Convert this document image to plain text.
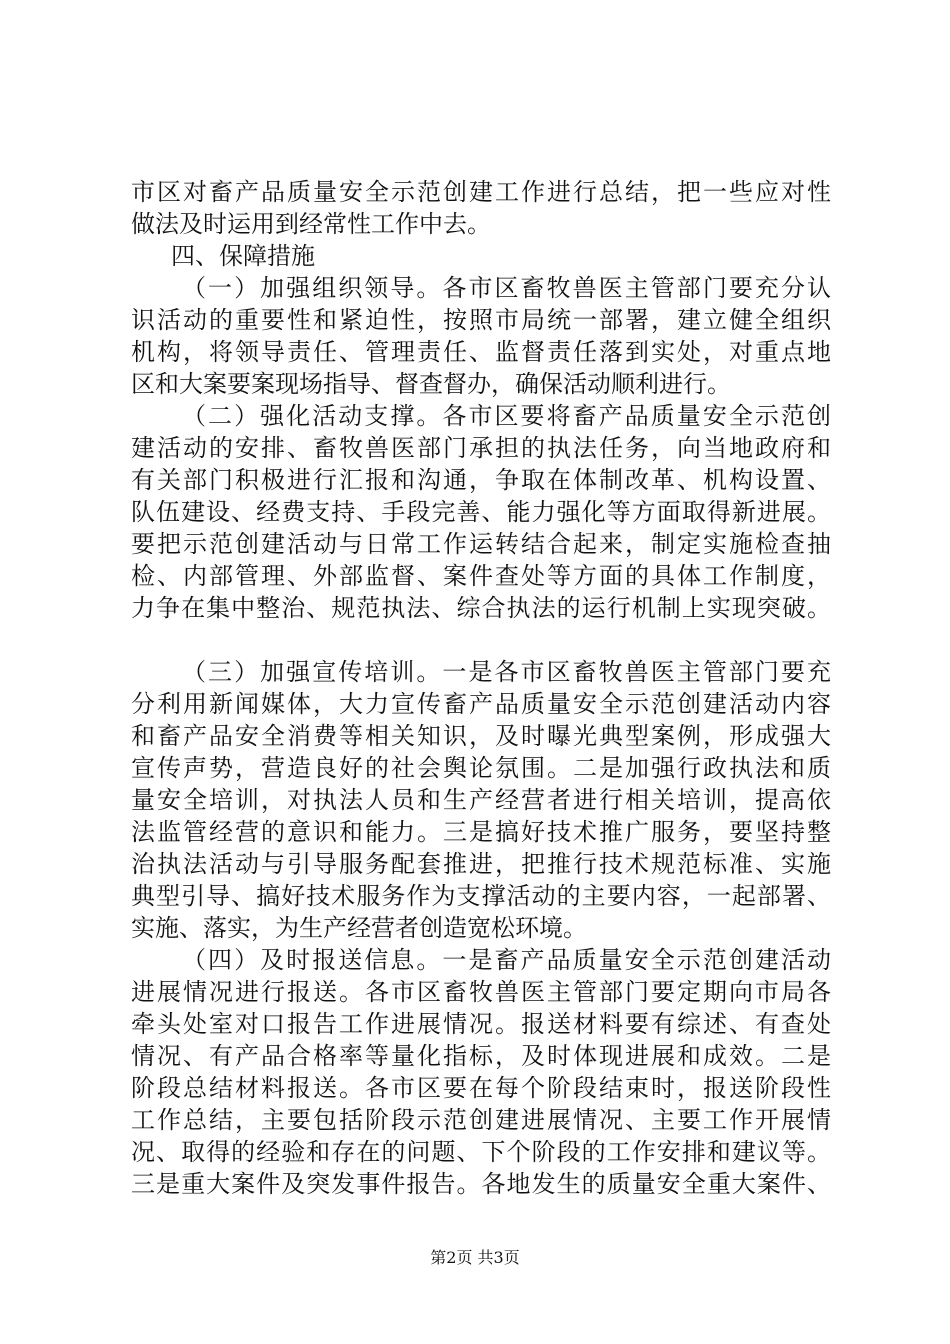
市区对畜产品质量安全示范创建工作进行总结，把一些应对性
做法及时运用到经常性工作中去。
四、保障措施
（一）加强组织领导。各市区畜牧兽医主管部门要充分认
识活动的重要性和紧迫性，按照市局统一部署，建立健全组织
机构，将领导责任、管理责任、监督责任落到实处，对重点地
区和大案要案现场指导、督查督办，确保活动顺利进行。
（二）强化活动支撑。各市区要将畜产品质量安全示范创
建活动的安排、畜牧兽医部门承担的执法任务，向当地政府和
有关部门积极进行汇报和沟通，争取在体制改革、机构设置、
队伍建设、经费支持、手段完善、能力强化等方面取得新进展。
要把示范创建活动与日常工作运转结合起来，制定实施检查抽
检、内部管理、外部监督、案件查处等方面的具体工作制度，
力争在集中整治、规范执法、综合执法的运行机制上实现突破。
（三）加强宣传培训。一是各市区畜牧兽医主管部门要充
分利用新闻媒体，大力宣传畜产品质量安全示范创建活动内容
和畜产品安全消费等相关知识，及时曝光典型案例，形成强大
宣传声势，营造良好的社会舆论氛围。二是加强行政执法和质
量安全培训，对执法人员和生产经营者进行相关培训，提高依
法监管经营的意识和能力。三是搞好技术推广服务，要坚持整
治执法活动与引导服务配套推进，把推行技术规范标准、实施
典型引导、搞好技术服务作为支撑活动的主要内容，一起部署、
实施、落实，为生产经营者创造宽松环境。
（四）及时报送信息。一是畜产品质量安全示范创建活动
进展情况进行报送。各市区畜牧兽医主管部门要定期向市局各
牵头处室对口报告工作进展情况。报送材料要有综述、有查处
情况、有产品合格率等量化指标，及时体现进展和成效。二是
阶段总结材料报送。各市区要在每个阶段结束时，报送阶段性
工作总结，主要包括阶段示范创建进展情况、主要工作开展情
况、取得的经验和存在的问题、下个阶段的工作安排和建议等。
三是重大案件及突发事件报告。各地发生的质量安全重大案件、
第2页 共3页
